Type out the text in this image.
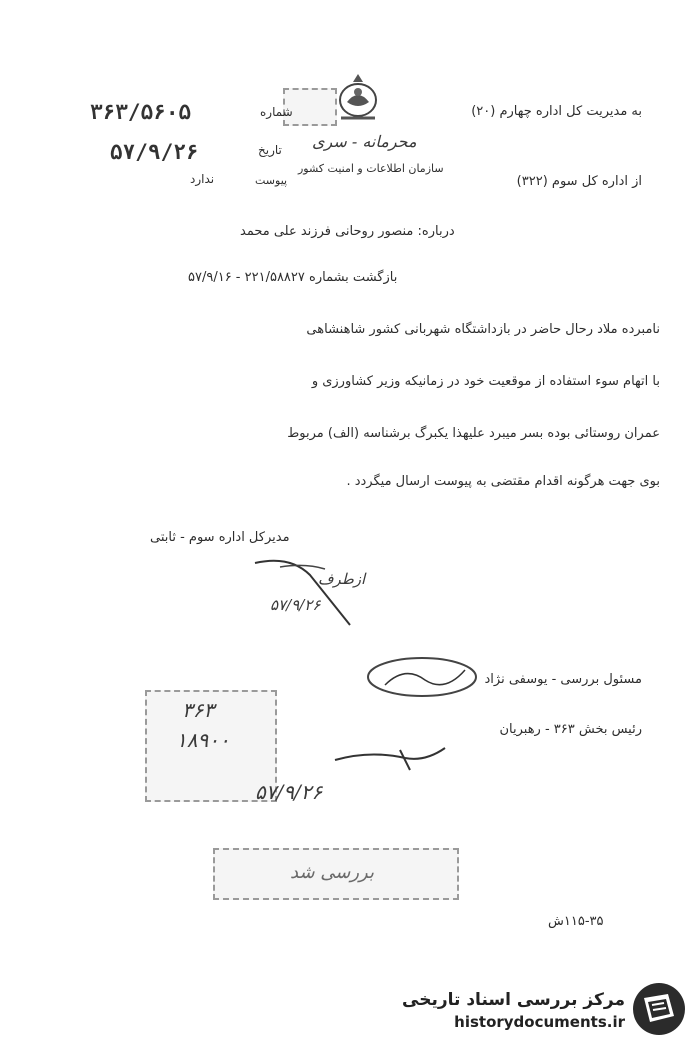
۳۶۳/۵۶۰۵	شماره
۵۷/۹/۲۶	تاریخ
ندارد	پیوست
به مدیریت کل اداره چهارم (۲۰)
محرمانه - سری
سازمان اطلاعات و امنیت کشور
از اداره کل سوم (۳۲۲)
درباره: منصور روحانی فرزند علی محمد
بازگشت بشماره ۲۲۱/۵۸۸۲۷ - ۵۷/۹/۱۶
نامبرده ملاد رحال حاضر در بازداشتگاه شهربانی کشور شاهنشاهی
با اتهام سوء استفاده از موقعیت خود در زمانیکه وزیر کشاورزی و
عمران روستائی بوده بسر میبرد علیهذا یکبرگ برشناسه (الف) مربوط
بوی جهت هرگونه اقدام مقتضی به پیوست ارسال میگردد .
مدیرکل اداره سوم - ثابتی
ازطرف
۵۷/۹/۲۶
مسئول بررسی - یوسفی نژاد
رئیس بخش ۳۶۳ - رهبریان
۳۶۳
۱۸۹۰۰
۵۷/۹/۲۶
بررسی شد
۱۱۵-۳۵ش
مرکز بررسی اسناد تاریخی
historydocuments.ir
